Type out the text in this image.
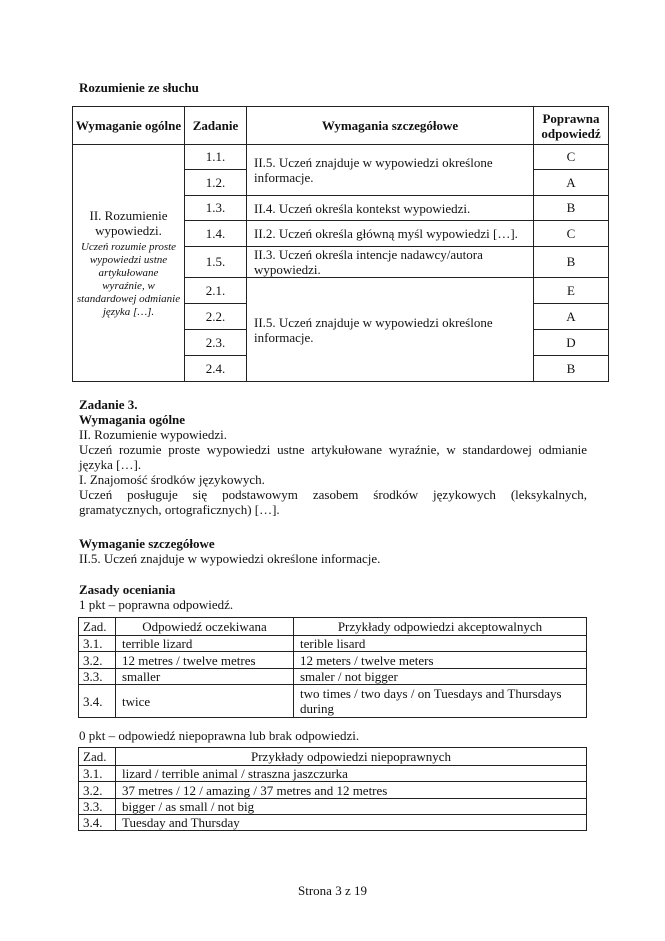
Rozumienie ze słuchu
Wymaganie ogólne	Zadanie	Wymagania szczegółowe	Poprawna odpowiedź
II. Rozumienie wypowiedzi.
Uczeń rozumie proste wypowiedzi ustne artykułowane wyraźnie, w standardowej odmianie języka […].	1.1.	II.5. Uczeń znajduje w wypowiedzi określone informacje.	C
	1.2.		A
	1.3.	II.4. Uczeń określa kontekst wypowiedzi.	B
	1.4.	II.2. Uczeń określa główną myśl wypowiedzi […].	C
	1.5.	II.3. Uczeń określa intencje nadawcy/autora wypowiedzi.	B
	2.1.	II.5. Uczeń znajduje w wypowiedzi określone informacje.	E
	2.2.		A
	2.3.		D
	2.4.		B
Zadanie 3.
Wymagania ogólne
II. Rozumienie wypowiedzi.
Uczeń rozumie proste wypowiedzi ustne artykułowane wyraźnie, w standardowej odmianie języka […].
I. Znajomość środków językowych.
Uczeń posługuje się podstawowym zasobem środków językowych (leksykalnych, gramatycznych, ortograficznych) […].
Wymaganie szczegółowe
II.5. Uczeń znajduje w wypowiedzi określone informacje.
Zasady oceniania
1 pkt – poprawna odpowiedź.
Zad.	Odpowiedź oczekiwana	Przykłady odpowiedzi akceptowalnych
3.1.	terrible lizard	terible lisard
3.2.	12 metres / twelve metres	12 meters / twelve meters
3.3.	smaller	smaler / not bigger
3.4.	twice	two times / two days / on Tuesdays and Thursdays during
0 pkt – odpowiedź niepoprawna lub brak odpowiedzi.
Zad.	Przykłady odpowiedzi niepoprawnych
3.1.	lizard / terrible animal / straszna jaszczurka
3.2.	37 metres / 12 / amazing / 37 metres and 12 metres
3.3.	bigger / as small / not big
3.4.	Tuesday and Thursday
Strona 3 z 19
